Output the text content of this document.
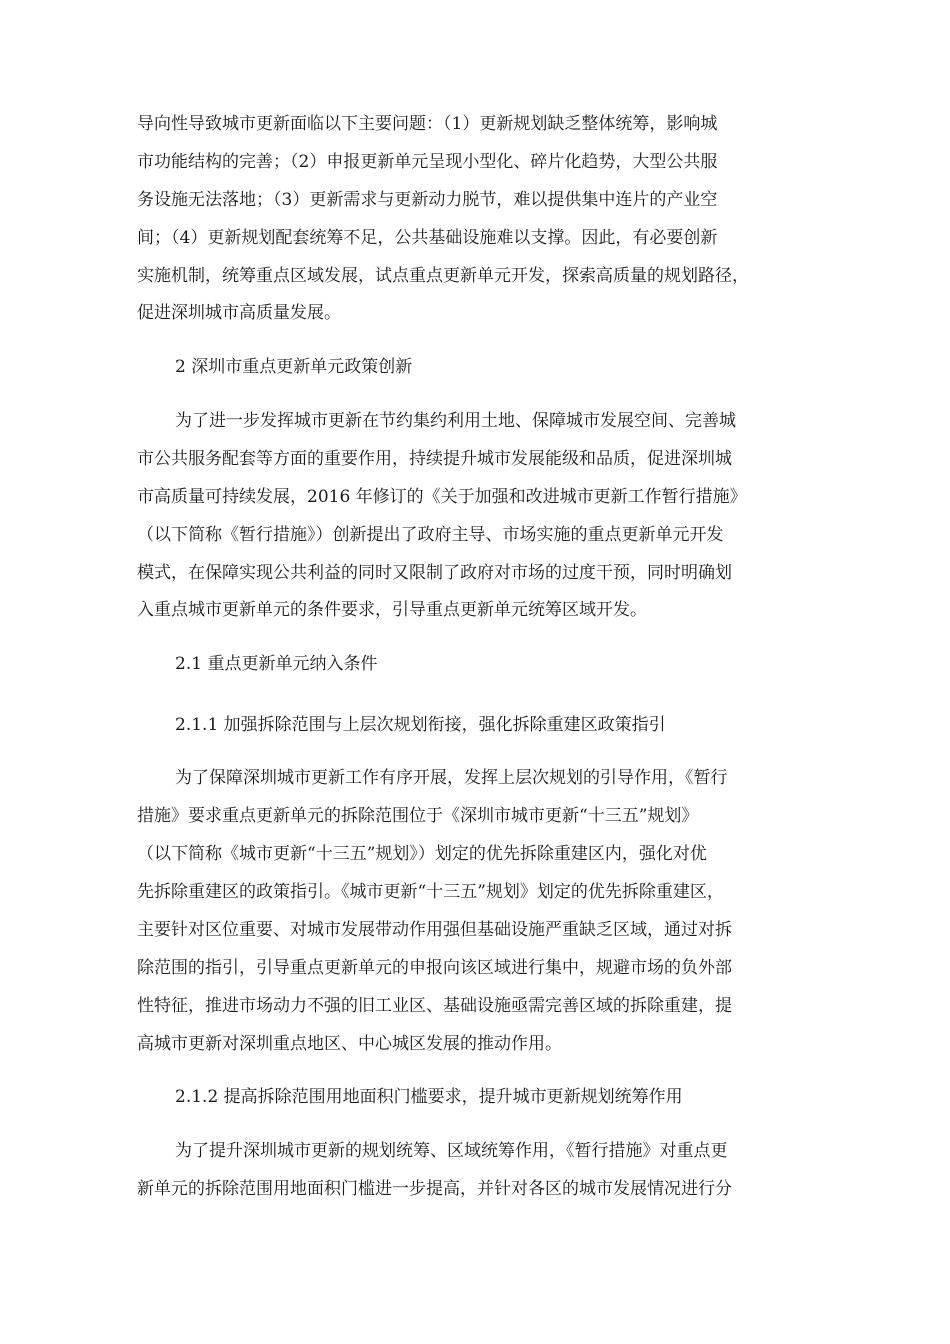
导向性导致城市更新面临以下主要问题：（1）更新规划缺乏整体统筹，影响城
市功能结构的完善；（2）申报更新单元呈现小型化、碎片化趋势，大型公共服
务设施无法落地；（3）更新需求与更新动力脱节，难以提供集中连片的产业空
间；（4）更新规划配套统筹不足，公共基础设施难以支撑。因此，有必要创新
实施机制，统筹重点区域发展，试点重点更新单元开发，探索高质量的规划路径，
促进深圳城市高质量发展。
2 深圳市重点更新单元政策创新
为了进一步发挥城市更新在节约集约利用土地、保障城市发展空间、完善城
市公共服务配套等方面的重要作用，持续提升城市发展能级和品质，促进深圳城
市高质量可持续发展，2016 年修订的《关于加强和改进城市更新工作暂行措施》
（以下简称《暂行措施》）创新提出了政府主导、市场实施的重点更新单元开发
模式，在保障实现公共利益的同时又限制了政府对市场的过度干预，同时明确划
入重点城市更新单元的条件要求，引导重点更新单元统筹区域开发。
2.1 重点更新单元纳入条件
2.1.1 加强拆除范围与上层次规划衔接，强化拆除重建区政策指引
为了保障深圳城市更新工作有序开展，发挥上层次规划的引导作用，《暂行
措施》要求重点更新单元的拆除范围位于《深圳市城市更新“十三五”规划》
（以下简称《城市更新“十三五”规划》）划定的优先拆除重建区内，强化对优
先拆除重建区的政策指引。《城市更新“十三五”规划》划定的优先拆除重建区，
主要针对区位重要、对城市发展带动作用强但基础设施严重缺乏区域，通过对拆
除范围的指引，引导重点更新单元的申报向该区域进行集中，规避市场的负外部
性特征，推进市场动力不强的旧工业区、基础设施亟需完善区域的拆除重建，提
高城市更新对深圳重点地区、中心城区发展的推动作用。
2.1.2 提高拆除范围用地面积门槛要求，提升城市更新规划统筹作用
为了提升深圳城市更新的规划统筹、区域统筹作用，《暂行措施》对重点更
新单元的拆除范围用地面积门槛进一步提高，并针对各区的城市发展情况进行分
